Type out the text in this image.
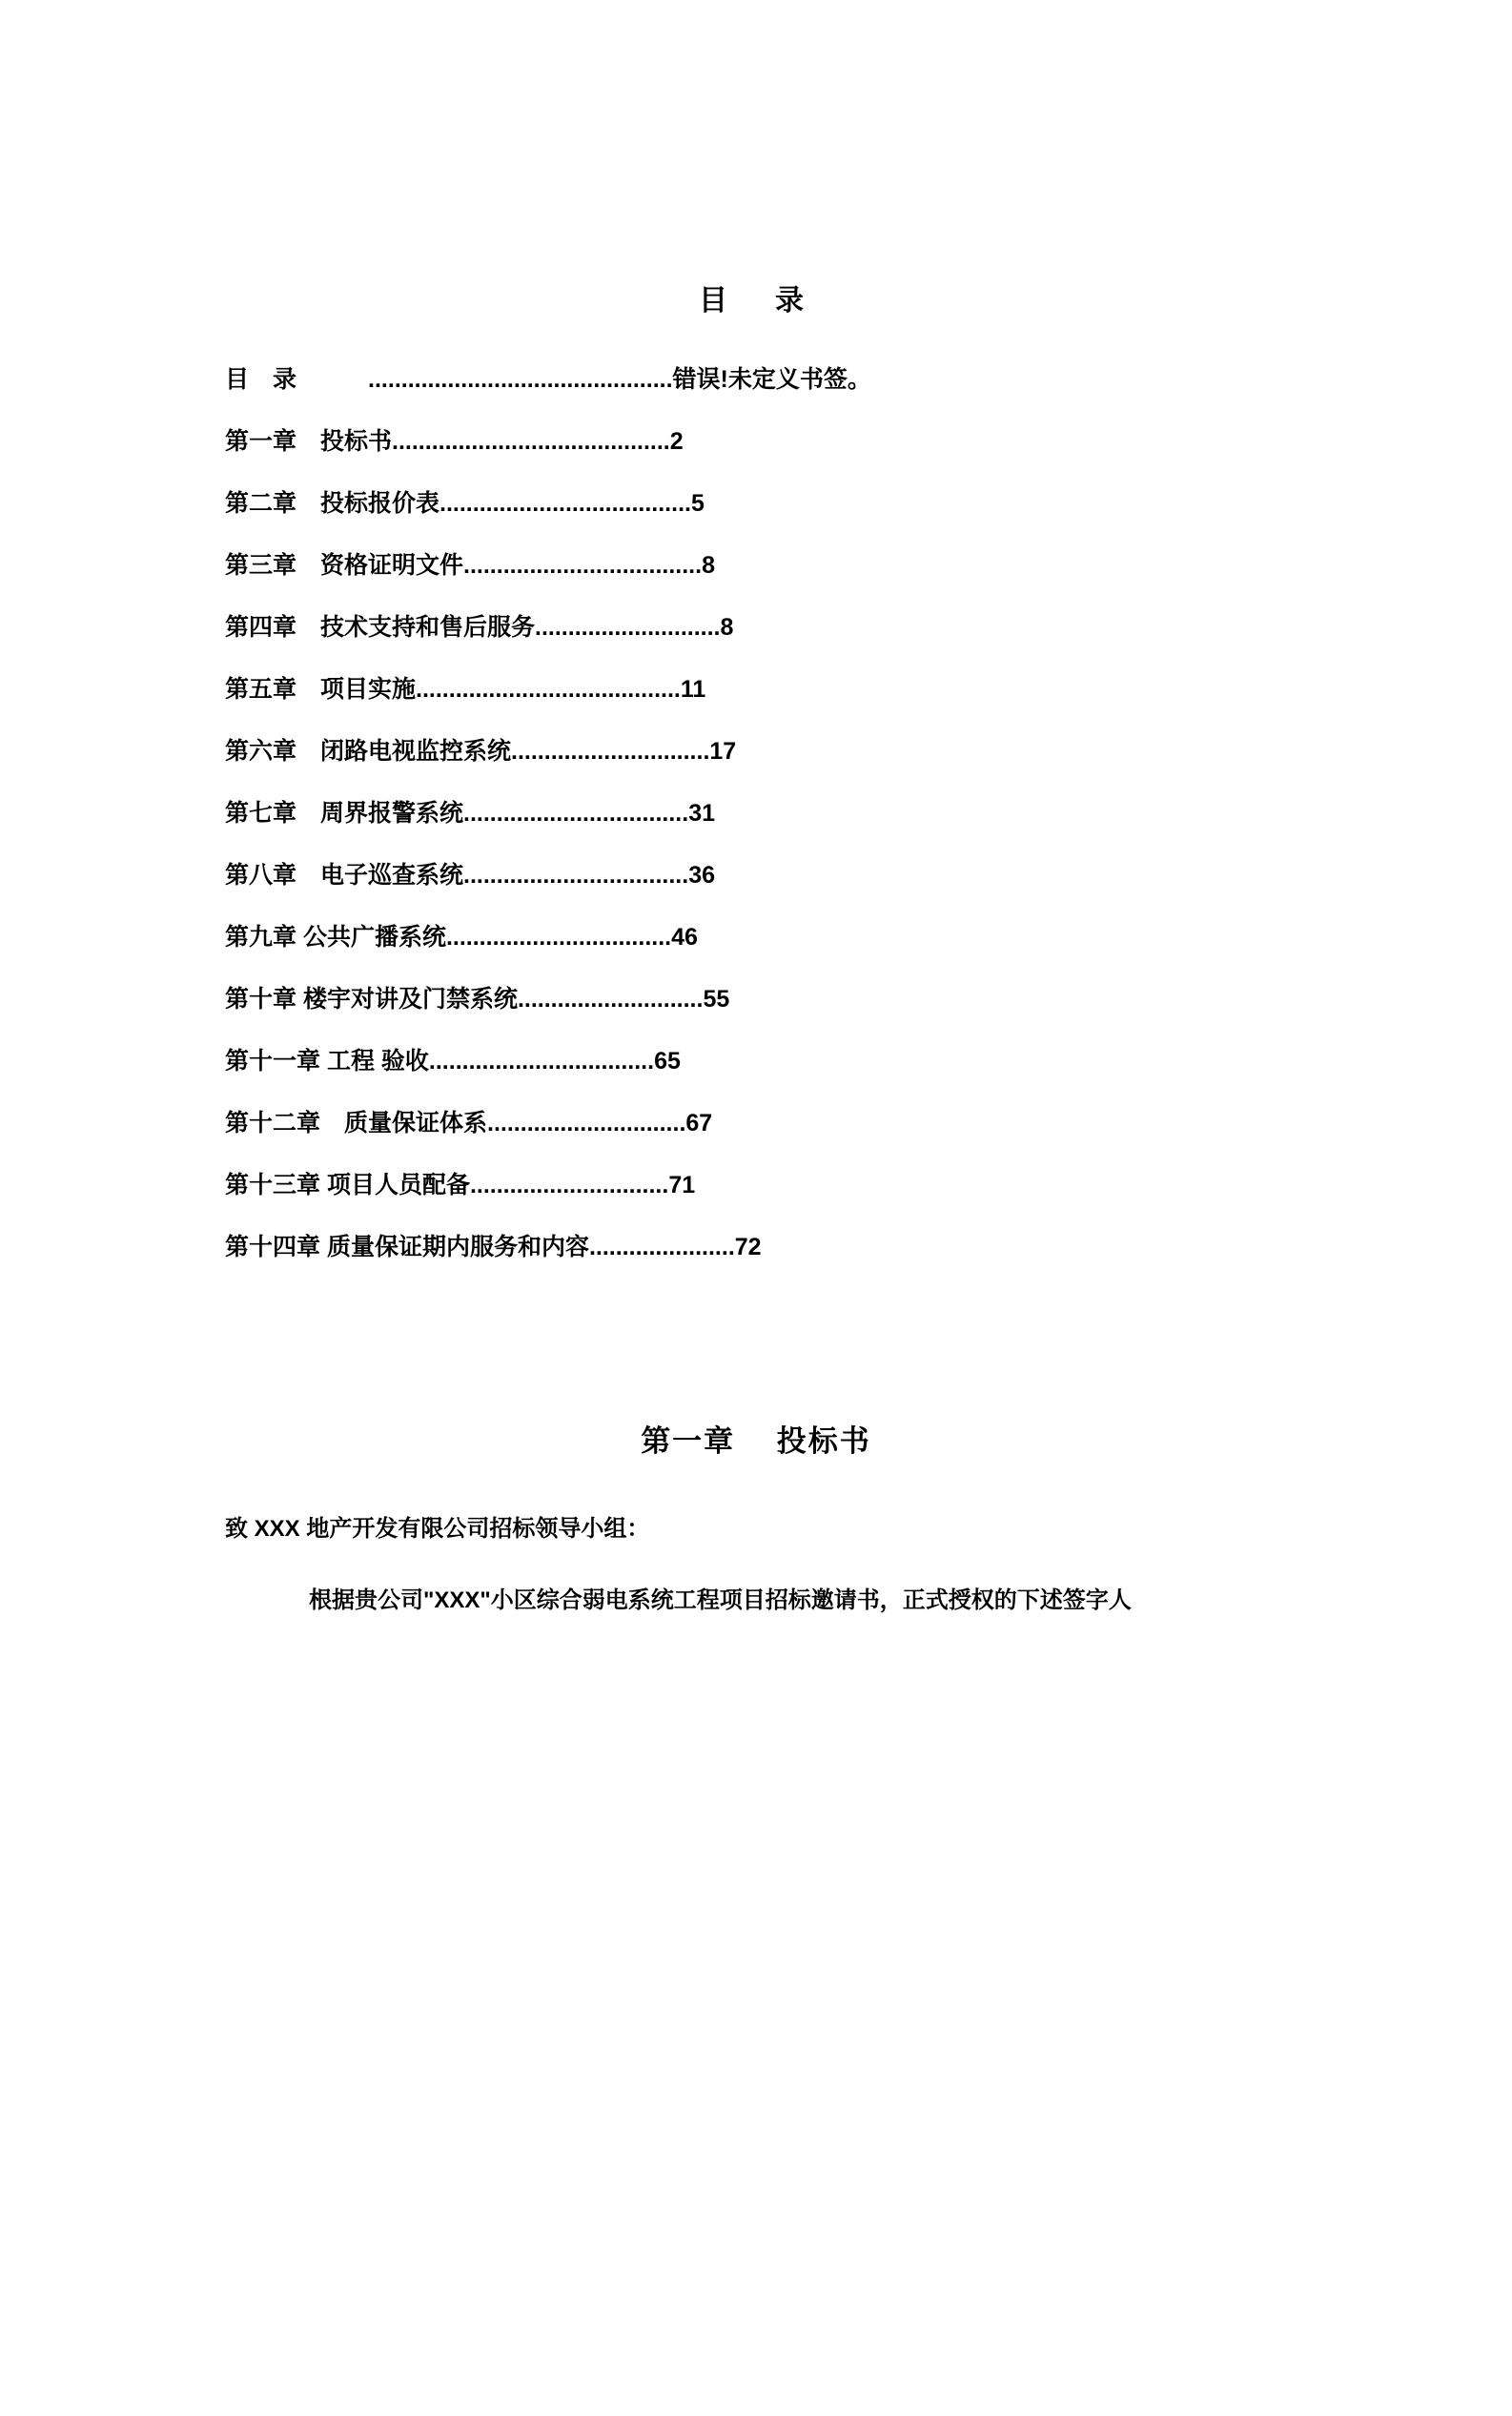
目　录
目　录
　　　	.............................................. 错误!未定义书签。
第一章　投标书 .......................................... 2
第二章　投标报价表 ...................................... 5
第三章　资格证明文件 .................................... 8
第四章　技术支持和售后服务 ............................ 8
第五章　项目实施 ........................................ 11
第六章　闭路电视监控系统 .............................. 17
第七章　周界报警系统 .................................. 31
第八章　电子巡查系统 .................................. 36
第九章 公共广播系统 .................................. 46
第十章 楼宇对讲及门禁系统 ............................ 55
第十一章 工程 验收 .................................. 65
第十二章　质量保证体系 .............................. 67
第十三章 项目人员配备 .............................. 71
第十四章 质量保证期内服务和内容 ...................... 72
第一章　 投标书
致 XXX 地产开发有限公司招标领导小组：
根据贵公司"XXX"小区综合弱电系统工程项目招标邀请书，正式授权的下述签字人
